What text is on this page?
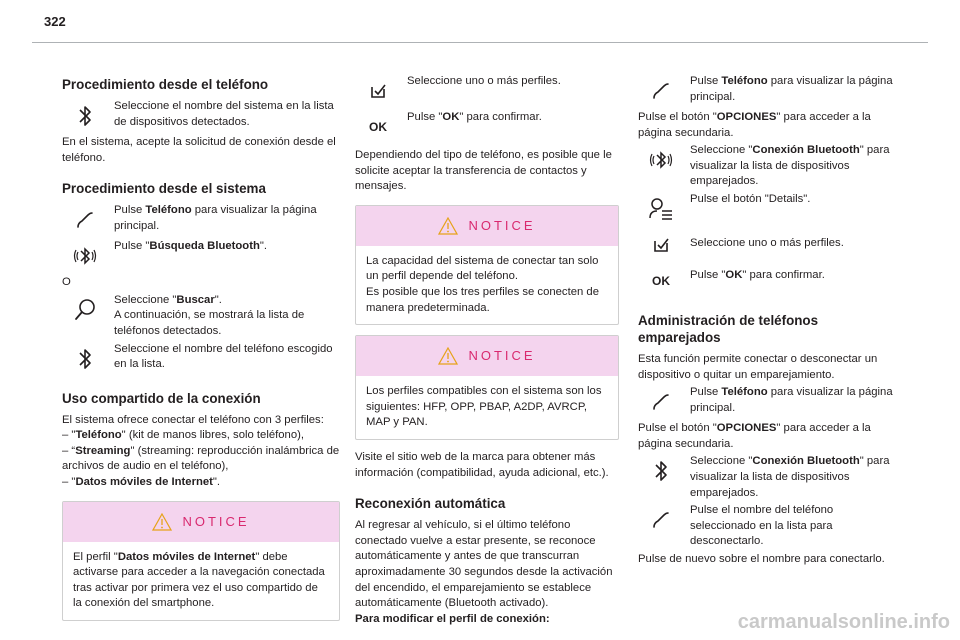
322
Procedimiento desde el teléfono

Seleccione el nombre del sistema en la lista de dispositivos detectados.

En el sistema, acepte la solicitud de conexión desde el teléfono.

Procedimiento desde el sistema

Pulse Teléfono para visualizar la página principal.

Pulse "Búsqueda Bluetooth".

O

Seleccione "Buscar".
A continuación, se mostrará la lista de teléfonos detectados.

Seleccione el nombre del teléfono escogido en la lista.

Uso compartido de la conexión

El sistema ofrece conectar el teléfono con 3 perfiles:

– "Teléfono" (kit de manos libres, solo teléfono),

– “Streaming" (streaming: reproducción inalámbrica de archivos de audio en el teléfono),

– "Datos móviles de Internet".

NOTICE

El perfil "Datos móviles de Internet" debe activarse para acceder a la navegación conectada tras activar por primera vez el uso compartido de la conexión del smartphone.

Seleccione uno o más perfiles.

OK

Pulse "OK" para confirmar.

Dependiendo del tipo de teléfono, es posible que le solicite aceptar la transferencia de contactos y mensajes.

NOTICE

La capacidad del sistema de conectar tan solo un perfil depende del teléfono.

Es posible que los tres perfiles se conecten de manera predeterminada.

NOTICE

Los perfiles compatibles con el sistema son los siguientes: HFP, OPP, PBAP, A2DP, AVRCP, MAP y PAN.

Visite el sitio web de la marca para obtener más información (compatibilidad, ayuda adicional, etc.).

Reconexión automática

Al regresar al vehículo, si el último teléfono conectado vuelve a estar presente, se reconoce automáticamente y antes de que transcurran aproximadamente 30 segundos desde la activación del encendido, el emparejamiento se establece automáticamente (Bluetooth activado).

Para modificar el perfil de conexión:

Pulse Teléfono para visualizar la página principal.

Pulse el botón "OPCIONES" para acceder a la página secundaria.

Seleccione "Conexión Bluetooth" para visualizar la lista de dispositivos emparejados.

Pulse el botón "Details".

Seleccione uno o más perfiles.

OK	Pulse "OK" para confirmar.

Administración de teléfonos emparejados

Esta función permite conectar o desconectar un dispositivo o quitar un emparejamiento.

Pulse Teléfono para visualizar la página principal.

Pulse el botón "OPCIONES" para acceder a la página secundaria.

Seleccione "Conexión Bluetooth" para visualizar la lista de dispositivos emparejados.

Pulse el nombre del teléfono seleccionado en la lista para desconectarlo.

Pulse de nuevo sobre el nombre para conectarlo.

carmanualsonline.info
